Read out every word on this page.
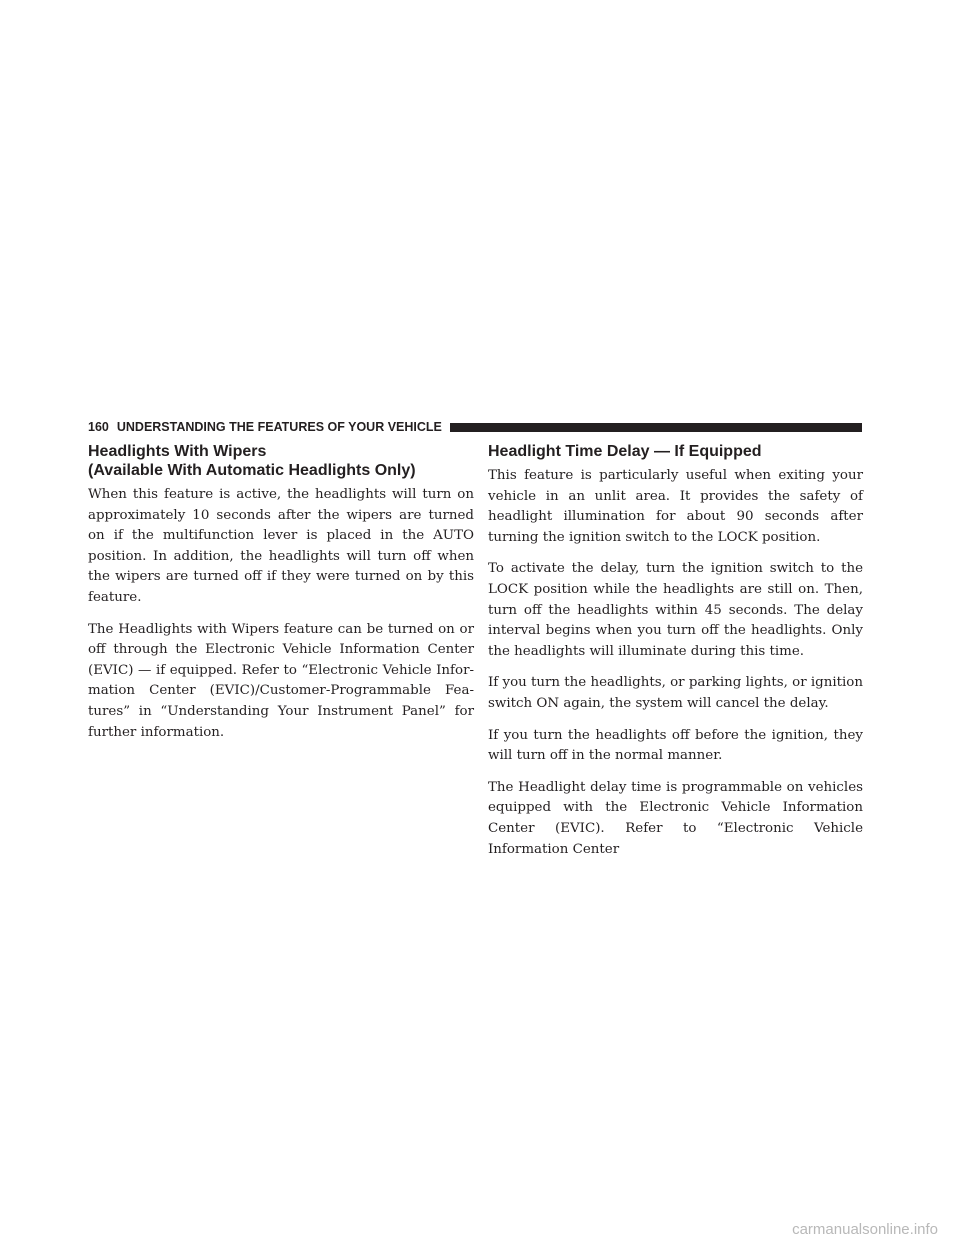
160 UNDERSTANDING THE FEATURES OF YOUR VEHICLE
Headlights With Wipers
(Available With Automatic Headlights Only)

When this feature is active, the headlights will turn on approximately 10 seconds after the wipers are turned on if the multifunction lever is placed in the AUTO position. In addition, the headlights will turn off when the wipers are turned off if they were turned on by this feature.

The Headlights with Wipers feature can be turned on or off through the Electronic Vehicle Information Center (EVIC) — if equipped. Refer to “Electronic Vehicle Information Center (EVIC)/Customer-Programmable Features” in “Understanding Your Instrument Panel” for further information.

Headlight Time Delay — If Equipped

This feature is particularly useful when exiting your vehicle in an unlit area. It provides the safety of headlight illumination for about 90 seconds after turning the ignition switch to the LOCK position.

To activate the delay, turn the ignition switch to the LOCK position while the headlights are still on. Then, turn off the headlights within 45 seconds. The delay interval begins when you turn off the headlights. Only the headlights will illuminate during this time.

If you turn the headlights, or parking lights, or ignition switch ON again, the system will cancel the delay.

If you turn the headlights off before the ignition, they will turn off in the normal manner.

The Headlight delay time is programmable on vehicles equipped with the Electronic Vehicle Information Center (EVIC). Refer to “Electronic Vehicle Information Center

carmanualsonline.info
